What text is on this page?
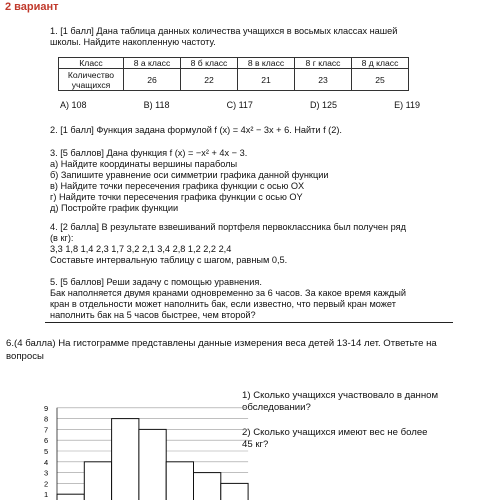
2 вариант
1. [1 балл] Дана таблица данных количества учащихся в восьмых классах нашей
школы. Найдите накопленную частоту.
Класс	8 а класс	8 б класс	8 в класс	8 г класс	8 д класс
Количество учащихся	26	22	21	23	25
A) 108	B) 118	C) 117	D) 125	E) 119
2. [1 балл] Функция задана формулой f (x) = 4x² − 3x + 6. Найти f (2).
3. [5 баллов] Дана функция f (x) = −x² + 4x − 3.
а) Найдите координаты вершины параболы
б) Запишите уравнение оси симметрии графика данной функции
в) Найдите точки пересечения графика функции с осью OX
г) Найдите точки пересечения графика функции с осью OY
д) Постройте график функции
4. [2 балла] В результате взвешиваний портфеля первоклассника был получен ряд
(в кг):
3,3 1,8 1,4 2,3 1,7 3,2 2,1 3,4 2,8 1,2 2,2 2,4
Составьте интервальную таблицу с шагом, равным 0,5.
5. [5 баллов] Реши задачу с помощью уравнения.
Бак наполняется двумя кранами одновременно за 6 часов. За какое время каждый
кран в отдельности может наполнить бак, если известно, что первый кран может
наполнить бак на 5 часов быстрее, чем второй?
6.(4 балла) На гистограмме представлены данные измерения веса детей 13-14 лет. Ответьте на
вопросы
1) Сколько учащихся участвовало в данном
обследовании?
2) Сколько учащихся имеют вес не более
45 кг?
1
2
3
4
5
6
7
8
9
